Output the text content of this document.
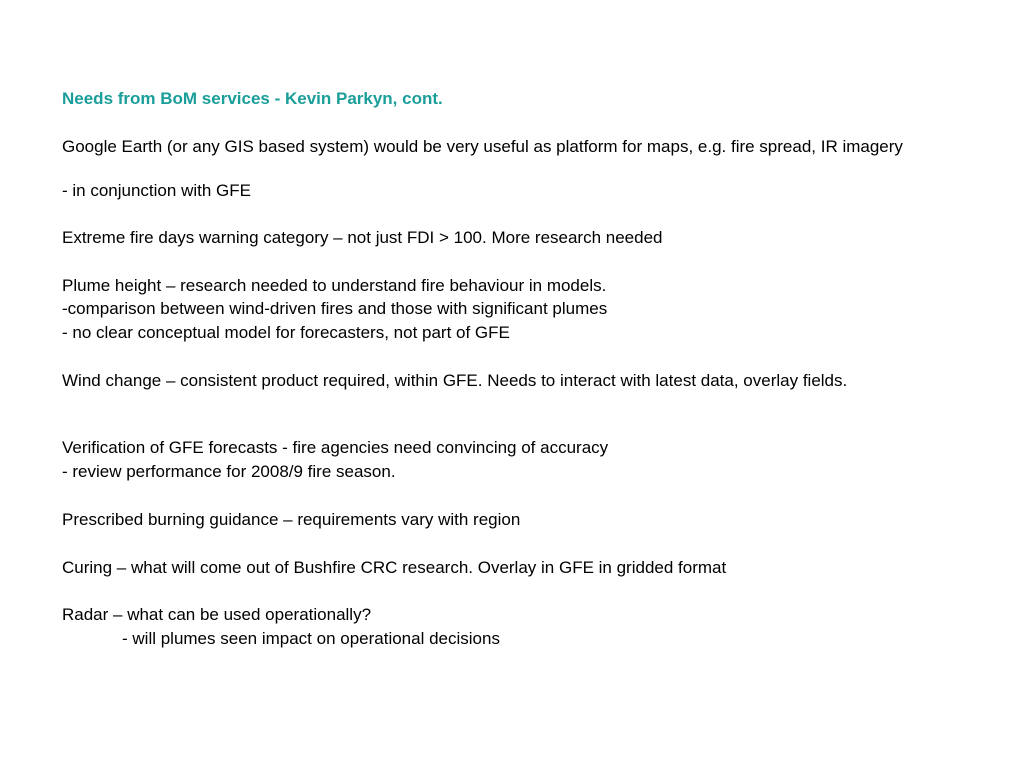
Needs from BoM services - Kevin Parkyn, cont.
Google Earth (or any GIS based system) would be very useful as platform for maps, e.g. fire spread, IR imagery
- in conjunction with GFE
Extreme fire days warning category – not just FDI > 100. More research needed
Plume height – research needed to understand fire behaviour in models.
-comparison between wind-driven fires and those with significant plumes
- no clear conceptual model for forecasters, not part of GFE
Wind change – consistent product required, within GFE. Needs to interact with latest data, overlay fields.
Verification of GFE forecasts - fire agencies need convincing of accuracy
- review performance for 2008/9 fire season.
Prescribed burning guidance – requirements vary with region
Curing – what will come out of Bushfire CRC research. Overlay in GFE in gridded format
Radar – what can be used operationally?
- will plumes seen impact on operational decisions
